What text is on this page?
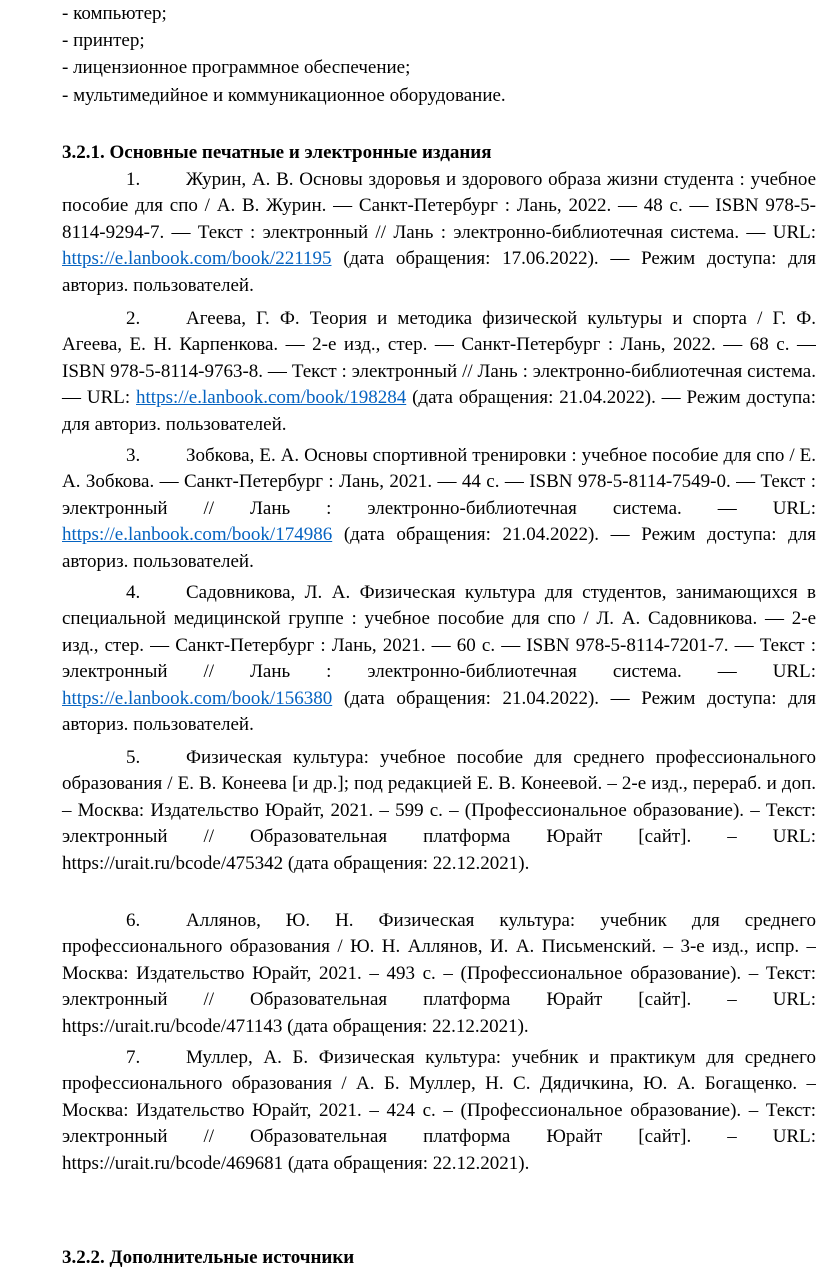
- компьютер;
- принтер;
- лицензионное программное обеспечение;
- мультимедийное и коммуникационное оборудование.
3.2.1. Основные печатные и электронные издания

1. Журин, А. В. Основы здоровья и здорового образа жизни студента : учебное пособие для спо / А. В. Журин. — Санкт-Петербург : Лань, 2022. — 48 с. — ISBN 978-5-8114-9294-7. — Текст : электронный // Лань : электронно-библиотечная система. — URL: https://e.lanbook.com/book/221195 (дата обращения: 17.06.2022). — Режим доступа: для авториз. пользователей.

2. Агеева, Г. Ф. Теория и методика физической культуры и спорта / Г. Ф. Агеева, Е. Н. Карпенкова. — 2-е изд., стер. — Санкт-Петербург : Лань, 2022. — 68 с. — ISBN 978-5-8114-9763-8. — Текст : электронный // Лань : электронно-библиотечная система. — URL: https://e.lanbook.com/book/198284 (дата обращения: 21.04.2022). — Режим доступа: для авториз. пользователей.

3. Зобкова, Е. А. Основы спортивной тренировки : учебное пособие для спо / Е. А. Зобкова. — Санкт-Петербург : Лань, 2021. — 44 с. — ISBN 978-5-8114-7549-0. — Текст : электронный // Лань : электронно-библиотечная система. — URL: https://e.lanbook.com/book/174986 (дата обращения: 21.04.2022). — Режим доступа: для авториз. пользователей.

4. Садовникова, Л. А. Физическая культура для студентов, занимающихся в специальной медицинской группе : учебное пособие для спо / Л. А. Садовникова. — 2-е изд., стер. — Санкт-Петербург : Лань, 2021. — 60 с. — ISBN 978-5-8114-7201-7. — Текст : электронный // Лань : электронно-библиотечная система. — URL: https://e.lanbook.com/book/156380 (дата обращения: 21.04.2022). — Режим доступа: для авториз. пользователей.

5. Физическая культура: учебное пособие для среднего профессионального образования / Е. В. Конеева [и др.]; под редакцией Е. В. Конеевой. – 2-е изд., перераб. и доп. – Москва: Издательство Юрайт, 2021. – 599 с. – (Профессиональное образование). – Текст: электронный // Образовательная платформа Юрайт [сайт]. – URL: https://urait.ru/bcode/475342 (дата обращения: 22.12.2021).

6. Аллянов, Ю. Н. Физическая культура: учебник для среднего профессионального образования / Ю. Н. Аллянов, И. А. Письменский. – 3-е изд., испр. – Москва: Издательство Юрайт, 2021. – 493 с. – (Профессиональное образование). – Текст: электронный // Образовательная платформа Юрайт [сайт]. – URL: https://urait.ru/bcode/471143 (дата обращения: 22.12.2021).

7. Муллер, А. Б. Физическая культура: учебник и практикум для среднего профессионального образования / А. Б. Муллер, Н. С. Дядичкина, Ю. А. Богащенко. – Москва: Издательство Юрайт, 2021. – 424 с. – (Профессиональное образование). – Текст: электронный // Образовательная платформа Юрайт [сайт]. – URL: https://urait.ru/bcode/469681 (дата обращения: 22.12.2021).

3.2.2. Дополнительные источники
